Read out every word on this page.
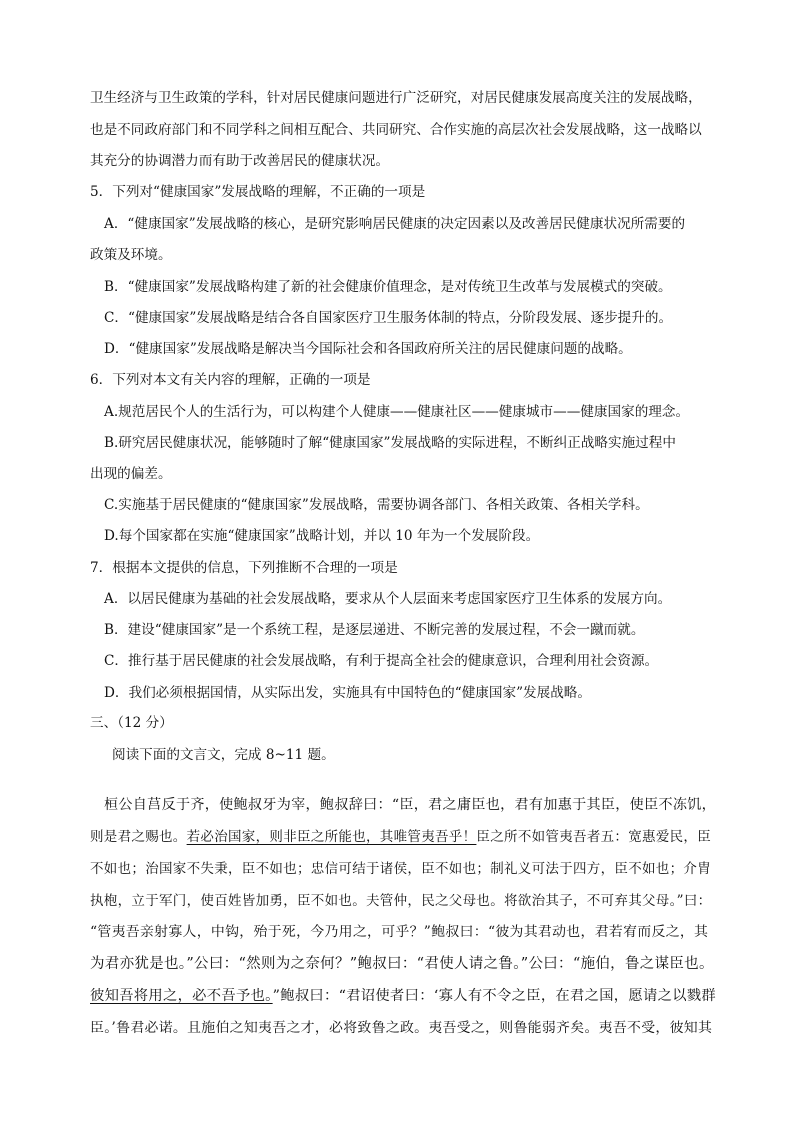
卫生经济与卫生政策的学科，针对居民健康问题进行广泛研究，对居民健康发展高度关注的发展战略，
也是不同政府部门和不同学科之间相互配合、共同研究、合作实施的高层次社会发展战略，这一战略以
其充分的协调潜力而有助于改善居民的健康状况。
5．下列对“健康国家”发展战略的理解，不正确的一项是
A．“健康国家”发展战略的核心，是研究影响居民健康的决定因素以及改善居民健康状况所需要的
政策及环境。
B．“健康国家”发展战略构建了新的社会健康价值理念，是对传统卫生改革与发展模式的突破。
C．“健康国家”发展战略是结合各自国家医疗卫生服务体制的特点，分阶段发展、逐步提升的。
D．“健康国家”发展战略是解决当今国际社会和各国政府所关注的居民健康问题的战略。
6．下列对本文有关内容的理解，正确的一项是
A.规范居民个人的生活行为，可以构建个人健康——健康社区——健康城市——健康国家的理念。
B.研究居民健康状况，能够随时了解“健康国家”发展战略的实际进程，不断纠正战略实施过程中
出现的偏差。
C.实施基于居民健康的“健康国家”发展战略，需要协调各部门、各相关政策、各相关学科。
D.每个国家都在实施“健康国家”战略计划，并以 10 年为一个发展阶段。
7．根据本文提供的信息，下列推断不合理的一项是
A．以居民健康为基础的社会发展战略，要求从个人层面来考虑国家医疗卫生体系的发展方向。
B．建设“健康国家”是一个系统工程，是逐层递进、不断完善的发展过程，不会一蹴而就。
C．推行基于居民健康的社会发展战略，有利于提高全社会的健康意识，合理利用社会资源。
D．我们必须根据国情，从实际出发，实施具有中国特色的“健康国家”发展战略。
三、（12 分）
阅读下面的文言文，完成 8~11 题。
桓公自莒反于齐，使鲍叔牙为宰，鲍叔辞曰：“臣，君之庸臣也，君有加惠于其臣，使臣不冻饥，
则是君之赐也。若必治国家，则非臣之所能也，其唯管夷吾乎！臣之所不如管夷吾者五：宽惠爱民，臣
不如也；治国家不失秉，臣不如也；忠信可结于诸侯，臣不如也；制礼义可法于四方，臣不如也；介胄
执枹，立于军门，使百姓皆加勇，臣不如也。夫管仲，民之父母也。将欲治其子，不可弃其父母。”曰：
“管夷吾亲射寡人，中钩，殆于死，今乃用之，可乎？”鲍叔曰：“彼为其君动也，君若宥而反之，其
为君亦犹是也。”公曰：“然则为之奈何？”鲍叔曰：“君使人请之鲁。”公曰：“施伯，鲁之谋臣也。
彼知吾将用之，必不吾予也。”鲍叔曰：“君诏使者曰：‘寡人有不令之臣，在君之国，愿请之以戮群
臣。’鲁君必诺。且施伯之知夷吾之才，必将致鲁之政。夷吾受之，则鲁能弱齐矣。夷吾不受，彼知其
